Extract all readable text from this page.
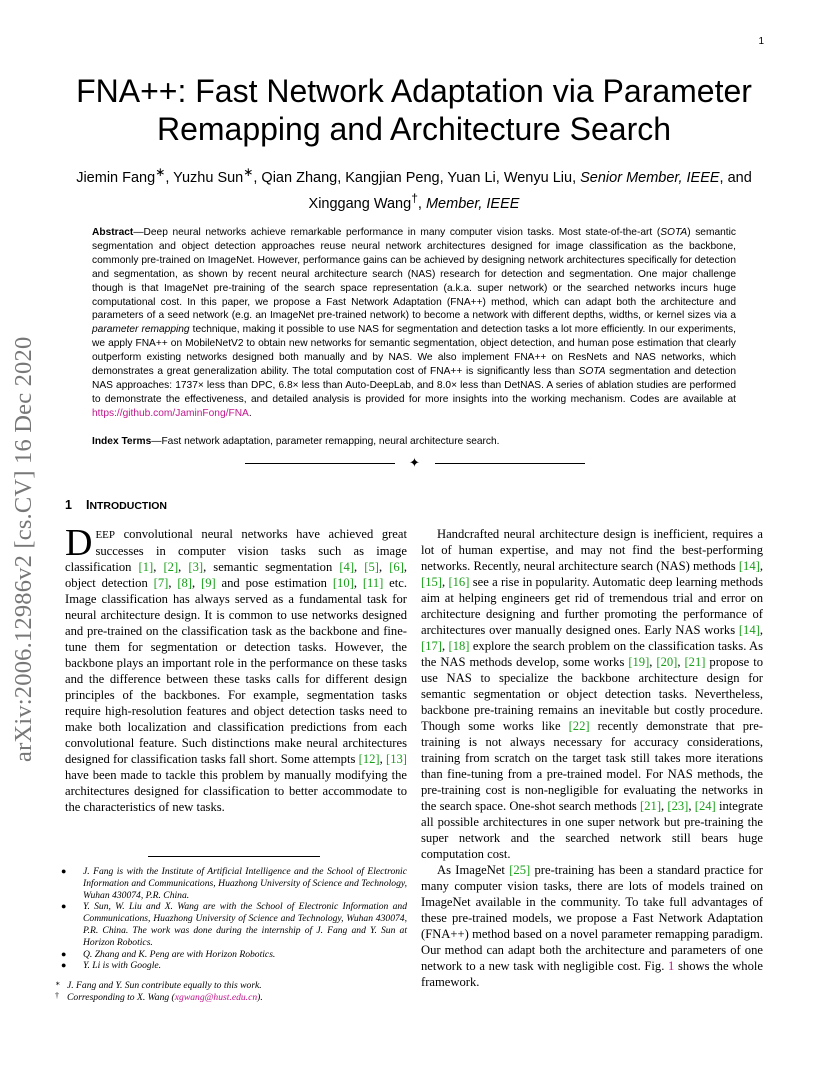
1
arXiv:2006.12986v2 [cs.CV] 16 Dec 2020
FNA++: Fast Network Adaptation via Parameter Remapping and Architecture Search
Jiemin Fang∗, Yuzhu Sun∗, Qian Zhang, Kangjian Peng, Yuan Li, Wenyu Liu, Senior Member, IEEE, and
Xinggang Wang†, Member, IEEE
Abstract—Deep neural networks achieve remarkable performance in many computer vision tasks. Most state-of-the-art (SOTA) semantic segmentation and object detection approaches reuse neural network architectures designed for image classification as the backbone, commonly pre-trained on ImageNet. However, performance gains can be achieved by designing network architectures specifically for detection and segmentation, as shown by recent neural architecture search (NAS) research for detection and segmentation. One major challenge though is that ImageNet pre-training of the search space representation (a.k.a. super network) or the searched networks incurs huge computational cost. In this paper, we propose a Fast Network Adaptation (FNA++) method, which can adapt both the architecture and parameters of a seed network (e.g. an ImageNet pre-trained network) to become a network with different depths, widths, or kernel sizes via a parameter remapping technique, making it possible to use NAS for segmentation and detection tasks a lot more efficiently. In our experiments, we apply FNA++ on MobileNetV2 to obtain new networks for semantic segmentation, object detection, and human pose estimation that clearly outperform existing networks designed both manually and by NAS. We also implement FNA++ on ResNets and NAS networks, which demonstrates a great generalization ability. The total computation cost of FNA++ is significantly less than SOTA segmentation and detection NAS approaches: 1737× less than DPC, 6.8× less than Auto-DeepLab, and 8.0× less than DetNAS. A series of ablation studies are performed to demonstrate the effectiveness, and detailed analysis is provided for more insights into the working mechanism. Codes are available at https://github.com/JaminFong/FNA.
Index Terms—Fast network adaptation, parameter remapping, neural architecture search.
✦
1 INTRODUCTION

DEEP convolutional neural networks have achieved great successes in computer vision tasks such as image classification [1], [2], [3], semantic segmentation [4], [5], [6], object detection [7], [8], [9] and pose estimation [10], [11] etc. Image classification has always served as a fundamental task for neural architecture design. It is common to use networks designed and pre-trained on the classification task as the backbone and fine-tune them for segmentation or detection tasks. However, the backbone plays an important role in the performance on these tasks and the difference between these tasks calls for different design principles of the backbones. For example, segmentation tasks require high-resolution features and object detection tasks need to make both localization and classification predictions from each convolutional feature. Such distinctions make neural architectures designed for classification tasks fall short. Some attempts [12], [13] have been made to tackle this problem by manually modifying the architectures designed for classification to better accommodate to the characteristics of new tasks.

Handcrafted neural architecture design is inefficient, requires a lot of human expertise, and may not find the best-performing networks. Recently, neural architecture search (NAS) methods [14], [15], [16] see a rise in popularity. Automatic deep learning methods aim at helping engineers get rid of tremendous trial and error on architecture designing and further promoting the performance of architectures over manually designed ones. Early NAS works [14], [17], [18] explore the search problem on the classification tasks. As the NAS methods develop, some works [19], [20], [21] propose to use NAS to specialize the backbone architecture design for semantic segmentation or object detection tasks. Nevertheless, backbone pre-training remains an inevitable but costly procedure. Though some works like [22] recently demonstrate that pre-training is not always necessary for accuracy considerations, training from scratch on the target task still takes more iterations than fine-tuning from a pre-trained model. For NAS methods, the pre-training cost is non-negligible for evaluating the networks in the search space. One-shot search methods [21], [23], [24] integrate all possible architectures in one super network but pre-training the super network and the searched network still bears huge computation cost.

As ImageNet [25] pre-training has been a standard practice for many computer vision tasks, there are lots of models trained on ImageNet available in the community. To take full advantages of these pre-trained models, we propose a Fast Network Adaptation (FNA++) method based on a novel parameter remapping paradigm. Our method can adapt both the architecture and parameters of one network to a new task with negligible cost. Fig. 1 shows the whole framework.

● J. Fang is with the Institute of Artificial Intelligence and the School of Electronic Information and Communications, Huazhong University of Science and Technology, Wuhan 430074, P.R. China.
● Y. Sun, W. Liu and X. Wang are with the School of Electronic Information and Communications, Huazhong University of Science and Technology, Wuhan 430074, P.R. China. The work was done during the internship of J. Fang and Y. Sun at Horizon Robotics.
● Q. Zhang and K. Peng are with Horizon Robotics.
● Y. Li is with Google.
∗ J. Fang and Y. Sun contribute equally to this work.
† Corresponding to X. Wang (xgwang@hust.edu.cn).
